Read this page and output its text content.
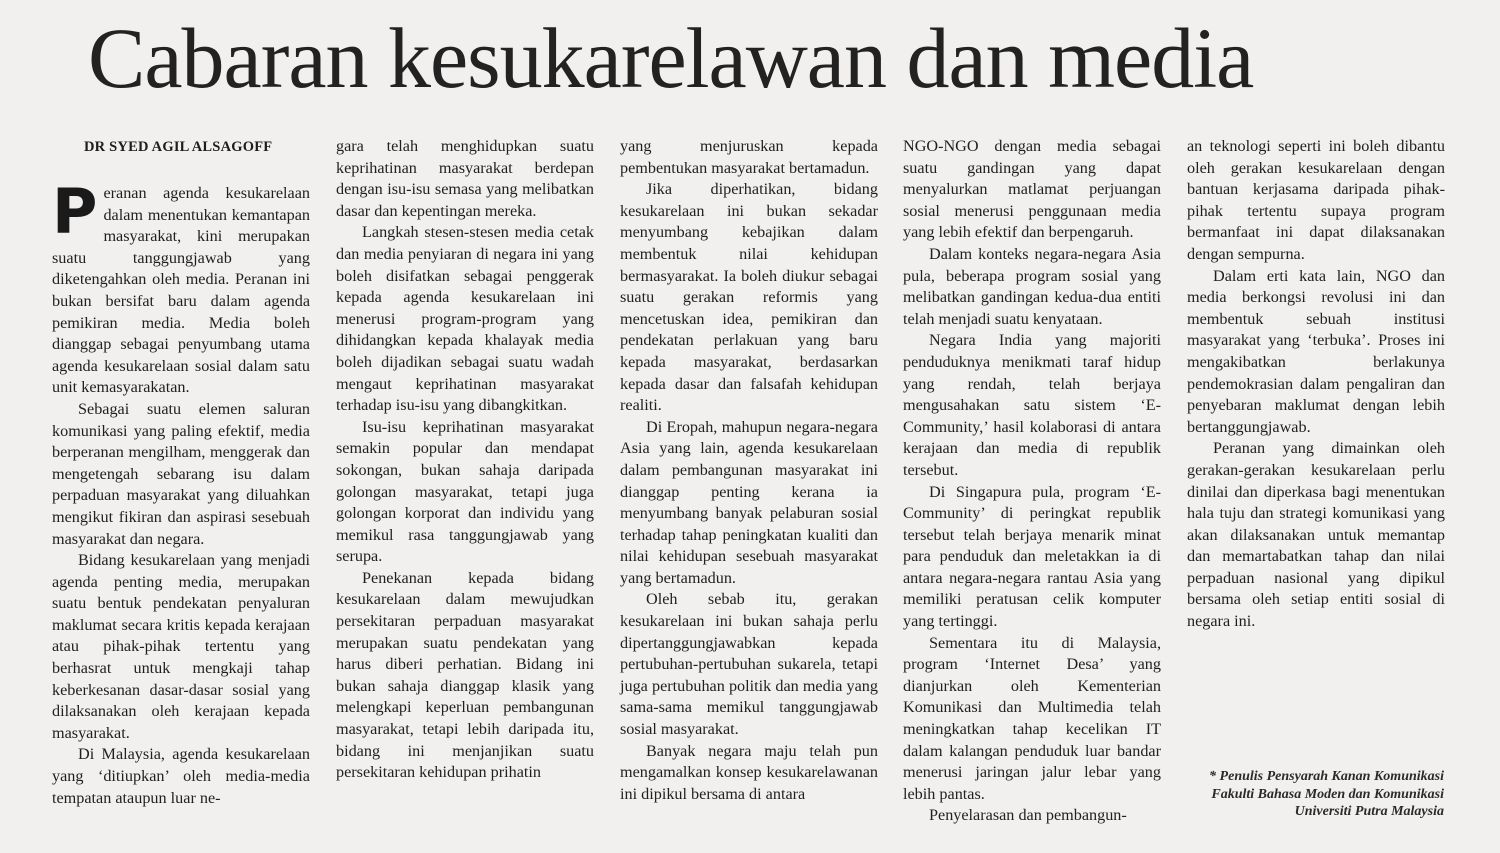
Cabaran kesukarelawan dan media
DR SYED AGIL ALSAGOFF

Peranan agenda kesukarelaan dalam menentukan kemantapan masyarakat, kini merupakan suatu tanggungjawab yang diketengahkan oleh media. Peranan ini bukan bersifat baru dalam agenda pemikiran media. Media boleh dianggap sebagai penyumbang utama agenda kesukarelaan sosial dalam satu unit kemasyarakatan.

Sebagai suatu elemen saluran komunikasi yang paling efektif, media berperanan mengilham, menggerak dan mengetengah sebarang isu dalam perpaduan masyarakat yang diluahkan mengikut fikiran dan aspirasi sesebuah masyarakat dan negara.

Bidang kesukarelaan yang menjadi agenda penting media, merupakan suatu bentuk pendekatan penyaluran maklumat secara kritis kepada kerajaan atau pihak-pihak tertentu yang berhasrat untuk mengkaji tahap keberkesanan dasar-dasar sosial yang dilaksanakan oleh kerajaan kepada masyarakat.

Di Malaysia, agenda kesukarelaan yang ‘ditiupkan’ oleh media-media tempatan ataupun luar ne-

gara telah menghidupkan suatu keprihatinan masyarakat berdepan dengan isu-isu semasa yang melibatkan dasar dan kepentingan mereka.

Langkah stesen-stesen media cetak dan media penyiaran di negara ini yang boleh disifatkan sebagai penggerak kepada agenda kesukarelaan ini menerusi program-program yang dihidangkan kepada khalayak media boleh dijadikan sebagai suatu wadah mengaut keprihatinan masyarakat terhadap isu-isu yang dibangkitkan.

Isu-isu keprihatinan masyarakat semakin popular dan mendapat sokongan, bukan sahaja daripada golongan masyarakat, tetapi juga golongan korporat dan individu yang memikul rasa tanggungjawab yang serupa.

Penekanan kepada bidang kesukarelaan dalam mewujudkan persekitaran perpaduan masyarakat merupakan suatu pendekatan yang harus diberi perhatian. Bidang ini bukan sahaja dianggap klasik yang melengkapi keperluan pembangunan masyarakat, tetapi lebih daripada itu, bidang ini menjanjikan suatu persekitaran kehidupan prihatin

yang menjuruskan kepada pembentukan masyarakat bertamadun.

Jika diperhatikan, bidang kesukarelaan ini bukan sekadar menyumbang kebajikan dalam membentuk nilai kehidupan bermasyarakat. Ia boleh diukur sebagai suatu gerakan reformis yang mencetuskan idea, pemikiran dan pendekatan perlakuan yang baru kepada masyarakat, berdasarkan kepada dasar dan falsafah kehidupan realiti.

Di Eropah, mahupun negara-negara Asia yang lain, agenda kesukarelaan dalam pembangunan masyarakat ini dianggap penting kerana ia menyumbang banyak pelaburan sosial terhadap tahap peningkatan kualiti dan nilai kehidupan sesebuah masyarakat yang bertamadun.

Oleh sebab itu, gerakan kesukarelaan ini bukan sahaja perlu dipertanggungjawabkan kepada pertubuhan-pertubuhan sukarela, tetapi juga pertubuhan politik dan media yang sama-sama memikul tanggungjawab sosial masyarakat.

Banyak negara maju telah pun mengamalkan konsep kesukarelawanan ini dipikul bersama di antara

NGO-NGO dengan media sebagai suatu gandingan yang dapat menyalurkan matlamat perjuangan sosial menerusi penggunaan media yang lebih efektif dan berpengaruh.

Dalam konteks negara-negara Asia pula, beberapa program sosial yang melibatkan gandingan kedua-dua entiti telah menjadi suatu kenyataan.

Negara India yang majoriti penduduknya menikmati taraf hidup yang rendah, telah berjaya mengusahakan satu sistem ‘E-Community,’ hasil kolaborasi di antara kerajaan dan media di republik tersebut.

Di Singapura pula, program ‘E-Community’ di peringkat republik tersebut telah berjaya menarik minat para penduduk dan meletakkan ia di antara negara-negara rantau Asia yang memiliki peratusan celik komputer yang tertinggi.

Sementara itu di Malaysia, program ‘Internet Desa’ yang dianjurkan oleh Kementerian Komunikasi dan Multimedia telah meningkatkan tahap kecelikan IT dalam kalangan penduduk luar bandar menerusi jaringan jalur lebar yang lebih pantas.

Penyelarasan dan pembangun-

an teknologi seperti ini boleh dibantu oleh gerakan kesukarelaan dengan bantuan kerjasama daripada pihak-pihak tertentu supaya program bermanfaat ini dapat dilaksanakan dengan sempurna.

Dalam erti kata lain, NGO dan media berkongsi revolusi ini dan membentuk sebuah institusi masyarakat yang ‘terbuka’. Proses ini mengakibatkan berlakunya pendemokrasian dalam pengaliran dan penyebaran maklumat dengan lebih bertanggungjawab.

Peranan yang dimainkan oleh gerakan-gerakan kesukarelaan perlu dinilai dan diperkasa bagi menentukan hala tuju dan strategi komunikasi yang akan dilaksanakan untuk memantap dan memartabatkan tahap dan nilai perpaduan nasional yang dipikul bersama oleh setiap entiti sosial di negara ini.

* Penulis Pensyarah Kanan Komunikasi
Fakulti Bahasa Moden dan Komunikasi
Universiti Putra Malaysia
